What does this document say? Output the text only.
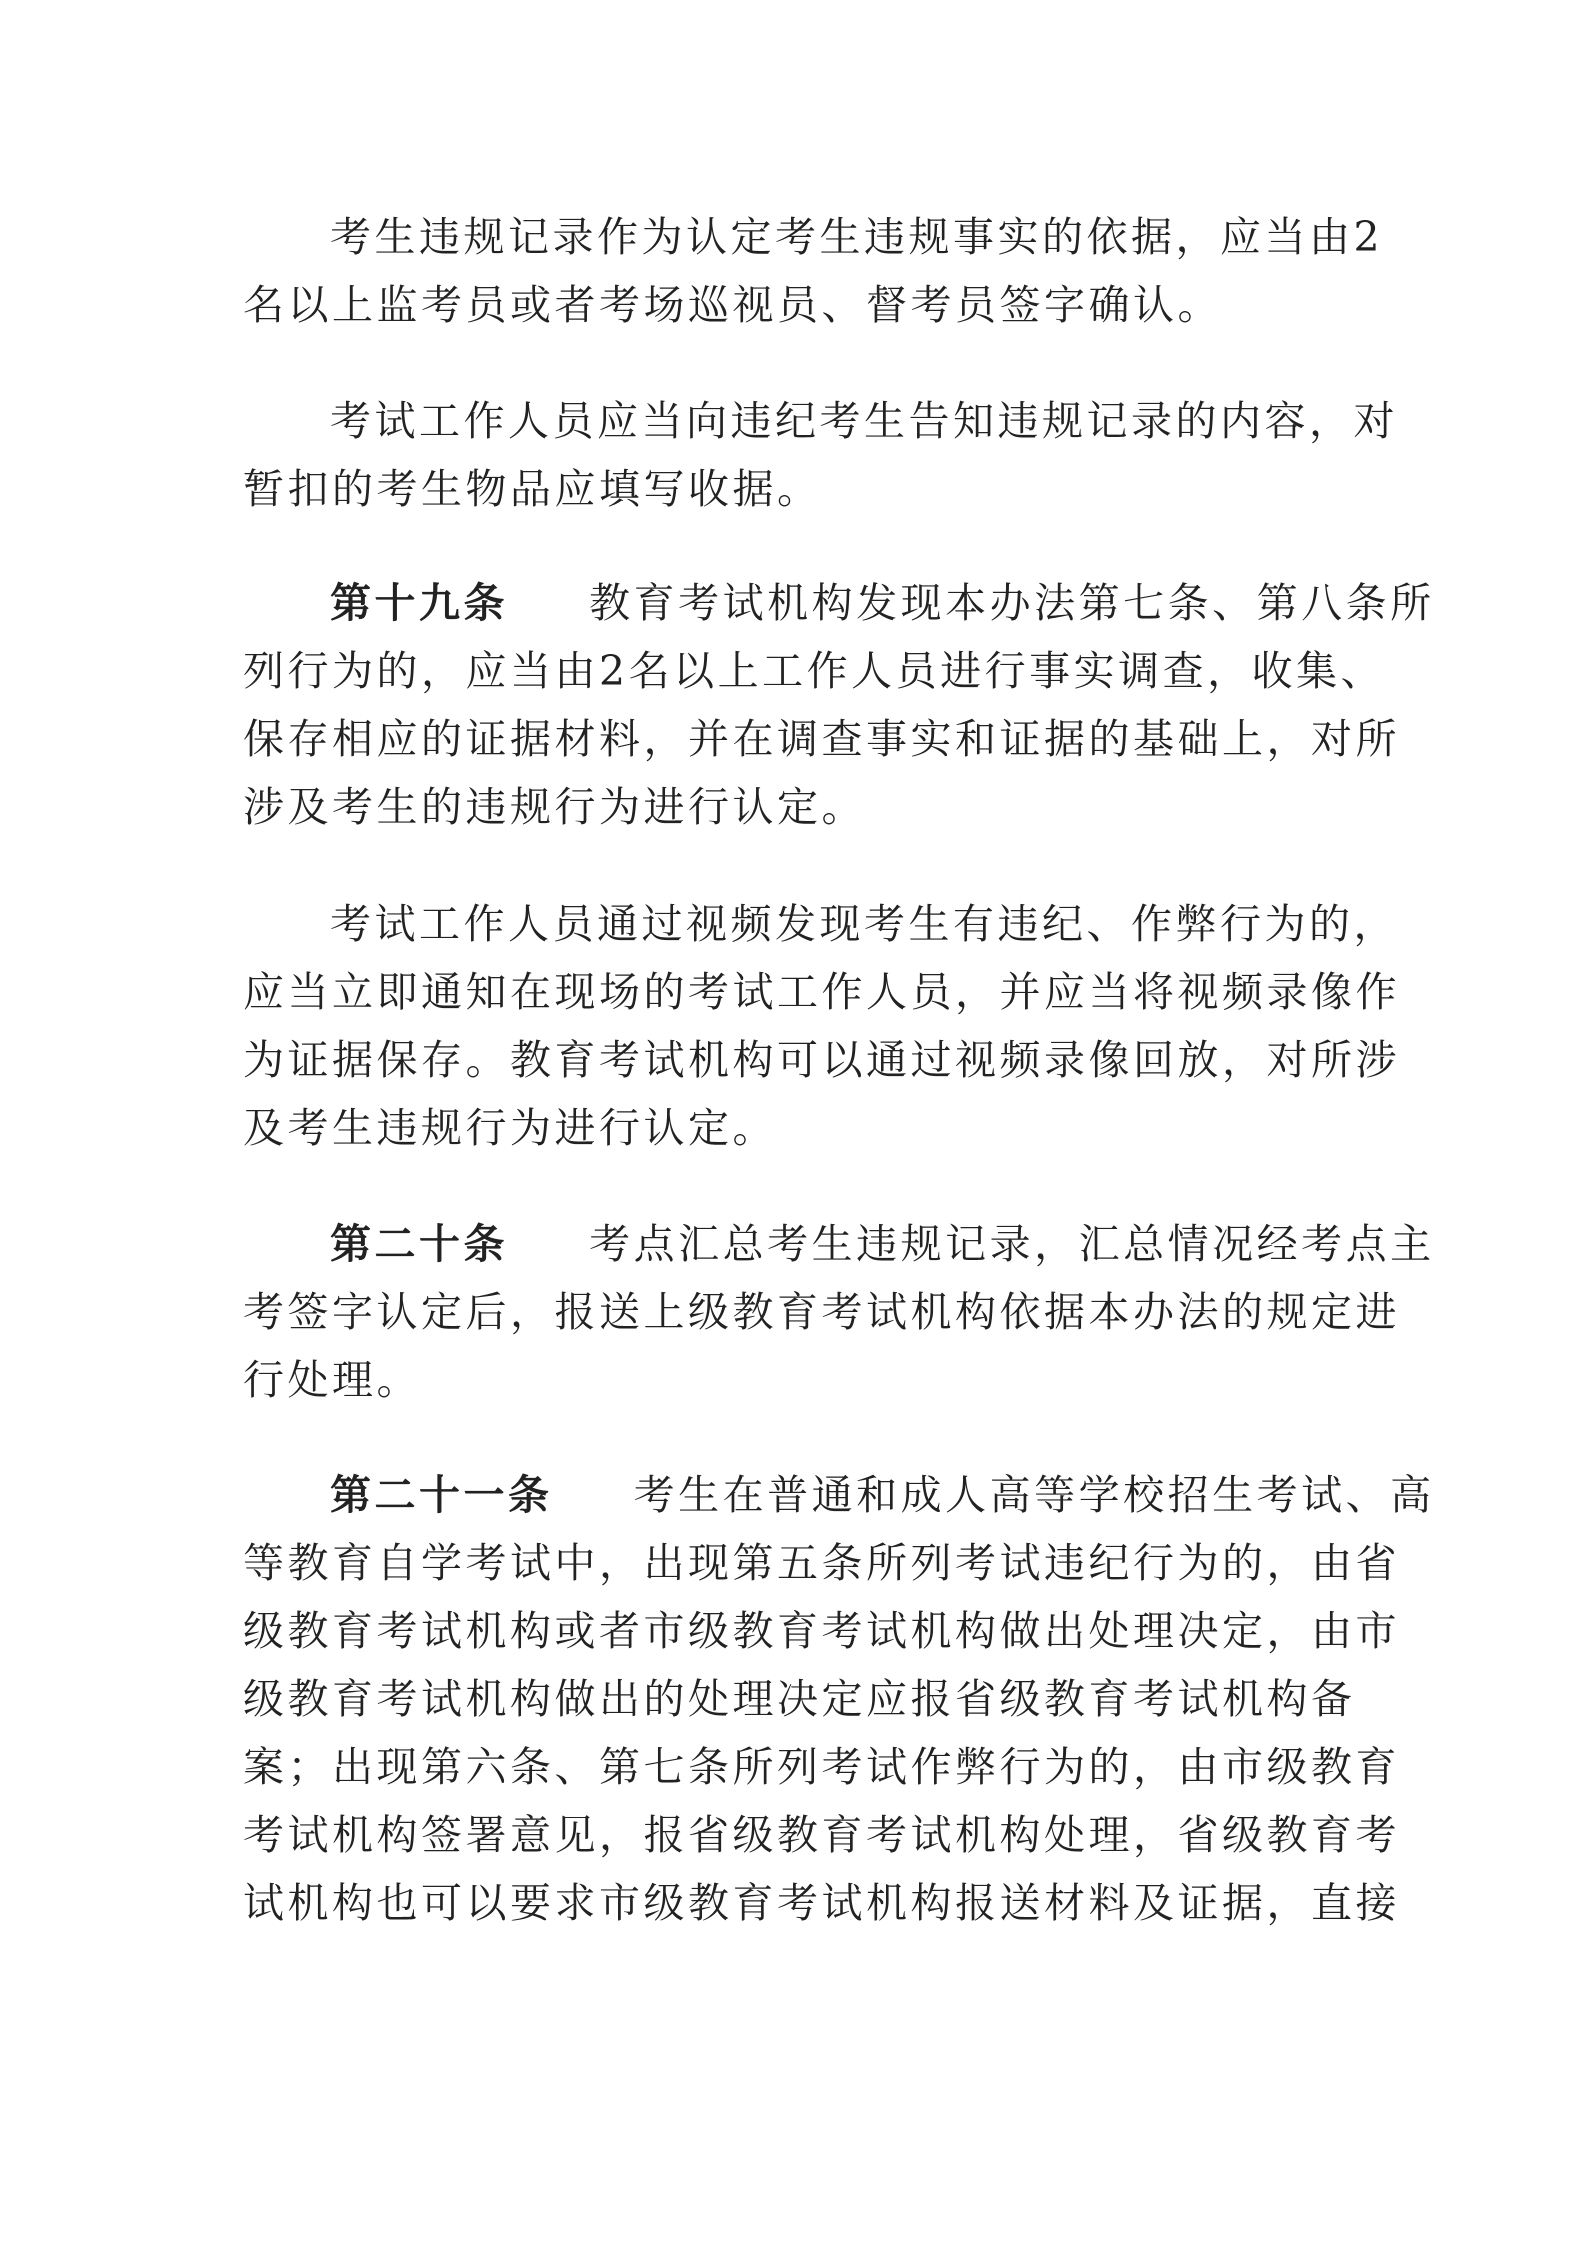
考生违规记录作为认定考生违规事实的依据，应当由2
名以上监考员或者考场巡视员、督考员签字确认。
考试工作人员应当向违纪考生告知违规记录的内容，对
暂扣的考生物品应填写收据。
第十九条 教育考试机构发现本办法第七条、第八条所
列行为的，应当由2名以上工作人员进行事实调查，收集、
保存相应的证据材料，并在调查事实和证据的基础上，对所
涉及考生的违规行为进行认定。
考试工作人员通过视频发现考生有违纪、作弊行为的，
应当立即通知在现场的考试工作人员，并应当将视频录像作
为证据保存。教育考试机构可以通过视频录像回放，对所涉
及考生违规行为进行认定。
第二十条 考点汇总考生违规记录，汇总情况经考点主
考签字认定后，报送上级教育考试机构依据本办法的规定进
行处理。
第二十一条 考生在普通和成人高等学校招生考试、高
等教育自学考试中，出现第五条所列考试违纪行为的，由省
级教育考试机构或者市级教育考试机构做出处理决定，由市
级教育考试机构做出的处理决定应报省级教育考试机构备
案；出现第六条、第七条所列考试作弊行为的，由市级教育
考试机构签署意见，报省级教育考试机构处理，省级教育考
试机构也可以要求市级教育考试机构报送材料及证据，直接
